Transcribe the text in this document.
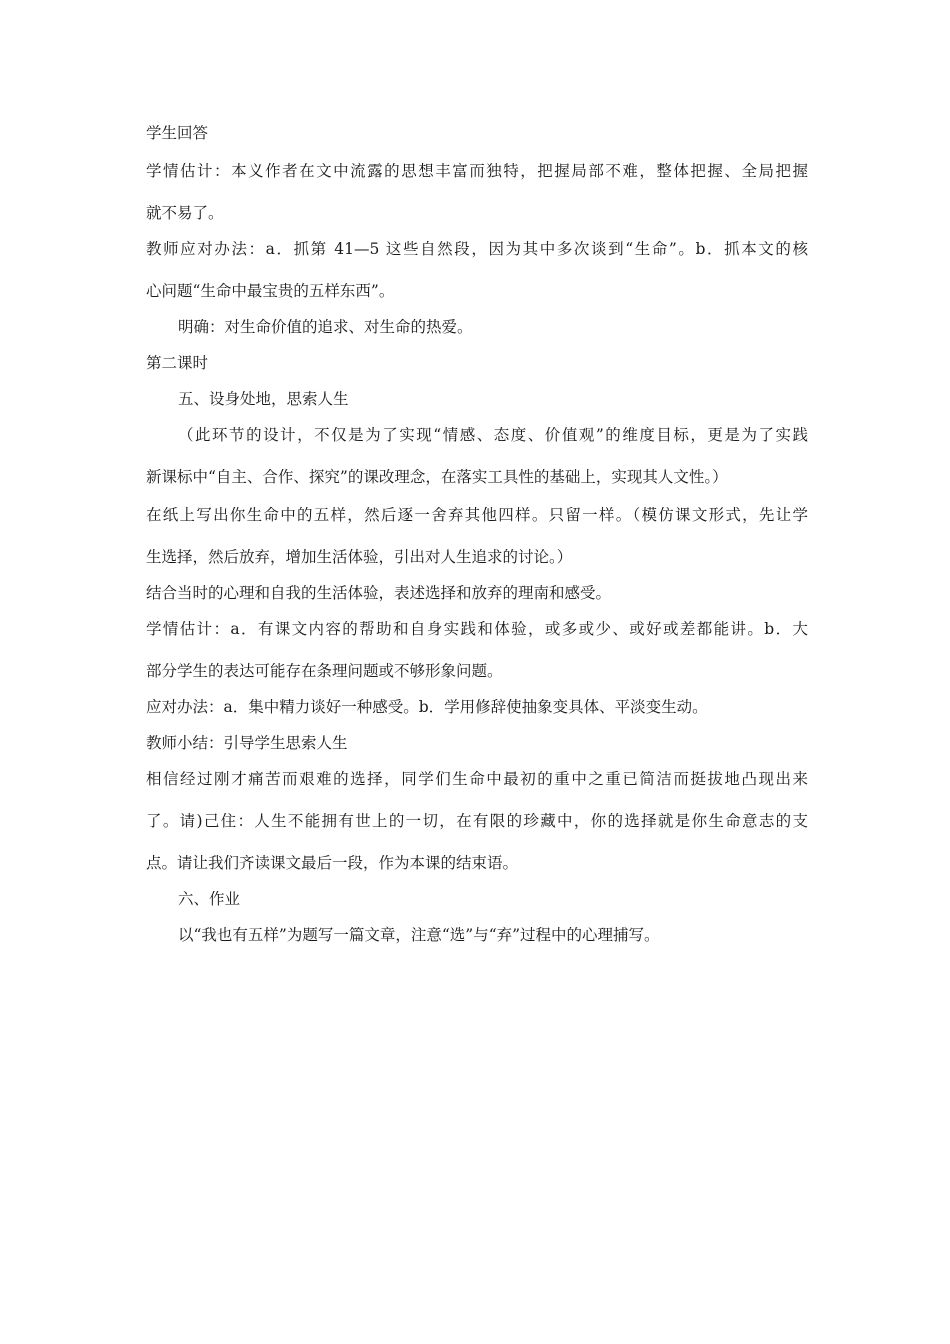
学生回答
学情估计：本义作者在文中流露的思想丰富而独特，把握局部不难，整体把握、全局把握
就不易了。
教师应对办法：a．抓第 41—5 这些自然段，因为其中多次谈到“生命”。b．抓本文的核
心问题“生命中最宝贵的五样东西”。
明确：对生命价值的追求、对生命的热爱。
第二课时
五、设身处地，思索人生
（此环节的设计，不仅是为了实现“情感、态度、价值观”的维度目标，更是为了实践
新课标中“自主、合作、探究”的课改理念，在落实工具性的基础上，实现其人文性。）
在纸上写出你生命中的五样，然后逐一舍弃其他四样。只留一样。（模仿课文形式，先让学
生选择，然后放弃，增加生活体验，引出对人生追求的讨论。）
结合当时的心理和自我的生活体验，表述选择和放弃的理南和感受。
学情估计：a．有课文内容的帮助和自身实践和体验，或多或少、或好或差都能讲。b．大
部分学生的表达可能存在条理问题或不够形象问题。
应对办法：a．集中精力谈好一种感受。b．学用修辞使抽象变具体、平淡变生动。
教师小结：引导学生思索人生
相信经过刚才痛苦而艰难的选择，同学们生命中最初的重中之重已简洁而挺拔地凸现出来
了。请)己住：人生不能拥有世上的一切，在有限的珍藏中，你的选择就是你生命意志的支
点。请让我们齐读课文最后一段，作为本课的结束语。
六、作业
以“我也有五样”为题写一篇文章，注意“选”与“弃”过程中的心理捕写。
